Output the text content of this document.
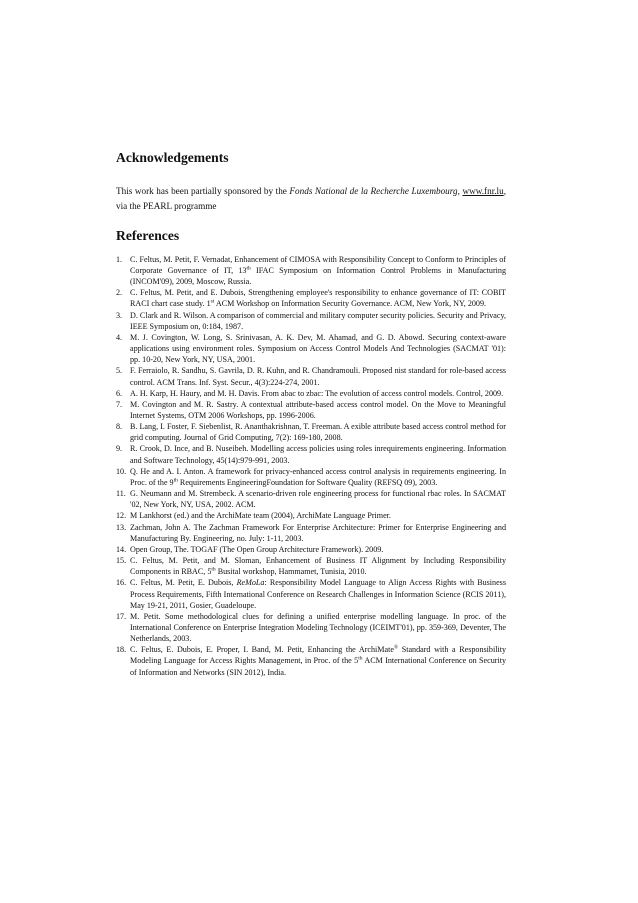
Acknowledgements

This work has been partially sponsored by the Fonds National de la Recherche Luxembourg, www.fnr.lu, via the PEARL programme

References
1. C. Feltus, M. Petit, F. Vernadat, Enhancement of CIMOSA with Responsibility Concept to Conform to Principles of Corporate Governance of IT, 13th IFAC Symposium on Information Control Problems in Manufacturing (INCOM'09), 2009, Moscow, Russia.
2. C. Feltus, M. Petit, and E. Dubois, Strengthening employee's responsibility to enhance governance of IT: COBIT RACI chart case study. 1st ACM Workshop on Information Security Governance. ACM, New York, NY, 2009.
3. D. Clark and R. Wilson. A comparison of commercial and military computer security policies. Security and Privacy, IEEE Symposium on, 0:184, 1987.
4. M. J. Covington, W. Long, S. Srinivasan, A. K. Dev, M. Ahamad, and G. D. Abowd. Securing context-aware applications using environment roles. Symposium on Access Control Models And Technologies (SACMAT '01): pp. 10-20, New York, NY, USA, 2001.
5. F. Ferraiolo, R. Sandhu, S. Gavrila, D. R. Kuhn, and R. Chandramouli. Proposed nist standard for role-based access control. ACM Trans. Inf. Syst. Secur., 4(3):224-274, 2001.
6. A. H. Karp, H. Haury, and M. H. Davis. From abac to zbac: The evolution of access control models. Control, 2009.
7. M. Covington and M. R. Sastry. A contextual attribute-based access control model. On the Move to Meaningful Internet Systems, OTM 2006 Workshops, pp. 1996-2006.
8. B. Lang, I. Foster, F. Siebenlist, R. Ananthakrishnan, T. Freeman. A exible attribute based access control method for grid computing. Journal of Grid Computing, 7(2): 169-180, 2008.
9. R. Crook, D. Ince, and B. Nuseibeh. Modelling access policies using roles inrequirements engineering. Information and Software Technology, 45(14):979-991, 2003.
10. Q. He and A. I. Anton. A framework for privacy-enhanced access control analysis in requirements engineering. In Proc. of the 9th Requirements EngineeringFoundation for Software Quality (REFSQ 09), 2003.
11. G. Neumann and M. Strembeck. A scenario-driven role engineering process for functional rbac roles. In SACMAT '02, New York, NY, USA, 2002. ACM.
12. M Lankhorst (ed.) and the ArchiMate team (2004), ArchiMate Language Primer.
13. Zachman, John A. The Zachman Framework For Enterprise Architecture: Primer for Enterprise Engineering and Manufacturing By. Engineering, no. July: 1-11, 2003.
14. Open Group, The. TOGAF (The Open Group Architecture Framework). 2009.
15. C. Feltus, M. Petit, and M. Sloman, Enhancement of Business IT Alignment by Including Responsibility Components in RBAC, 5th Busital workshop, Hammamet, Tunisia, 2010.
16. C. Feltus, M. Petit, E. Dubois, ReMoLa: Responsibility Model Language to Align Access Rights with Business Process Requirements, Fifth International Conference on Research Challenges in Information Science (RCIS 2011), May 19-21, 2011, Gosier, Guadeloupe.
17. M. Petit. Some methodological clues for defining a unified enterprise modelling language. In proc. of the International Conference on Enterprise Integration Modeling Technology (ICEIMT'01), pp. 359-369, Deventer, The Netherlands, 2003.
18. C. Feltus, E. Dubois, E. Proper, I. Band, M. Petit, Enhancing the ArchiMate® Standard with a Responsibility Modeling Language for Access Rights Management, in Proc. of the 5th ACM International Conference on Security of Information and Networks (SIN 2012), India.
